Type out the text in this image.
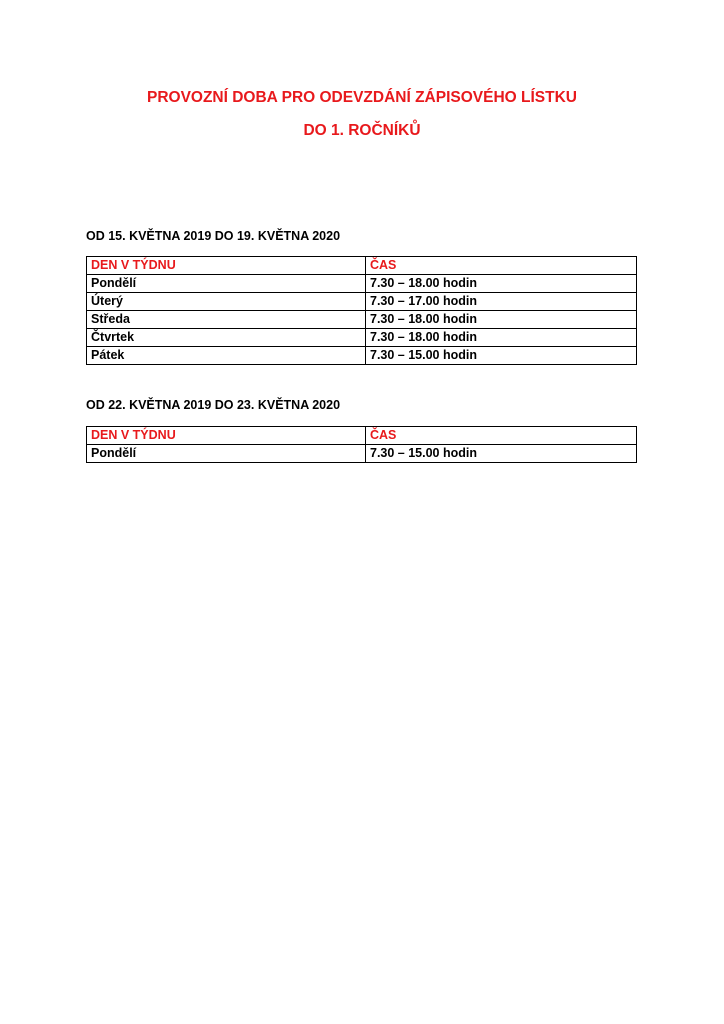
PROVOZNÍ DOBA PRO ODEVZDÁNÍ ZÁPISOVÉHO LÍSTKU
DO 1. ROČNÍKŮ
OD 15. KVĚTNA 2019 DO 19. KVĚTNA 2020
DEN V TÝDNU	ČAS
Pondělí	7.30 – 18.00 hodin
Úterý	7.30 – 17.00 hodin
Středa	7.30 – 18.00 hodin
Čtvrtek	7.30 – 18.00 hodin
Pátek	7.30 – 15.00 hodin
OD 22. KVĚTNA 2019 DO 23. KVĚTNA 2020
DEN V TÝDNU	ČAS
Pondělí	7.30 – 15.00 hodin
